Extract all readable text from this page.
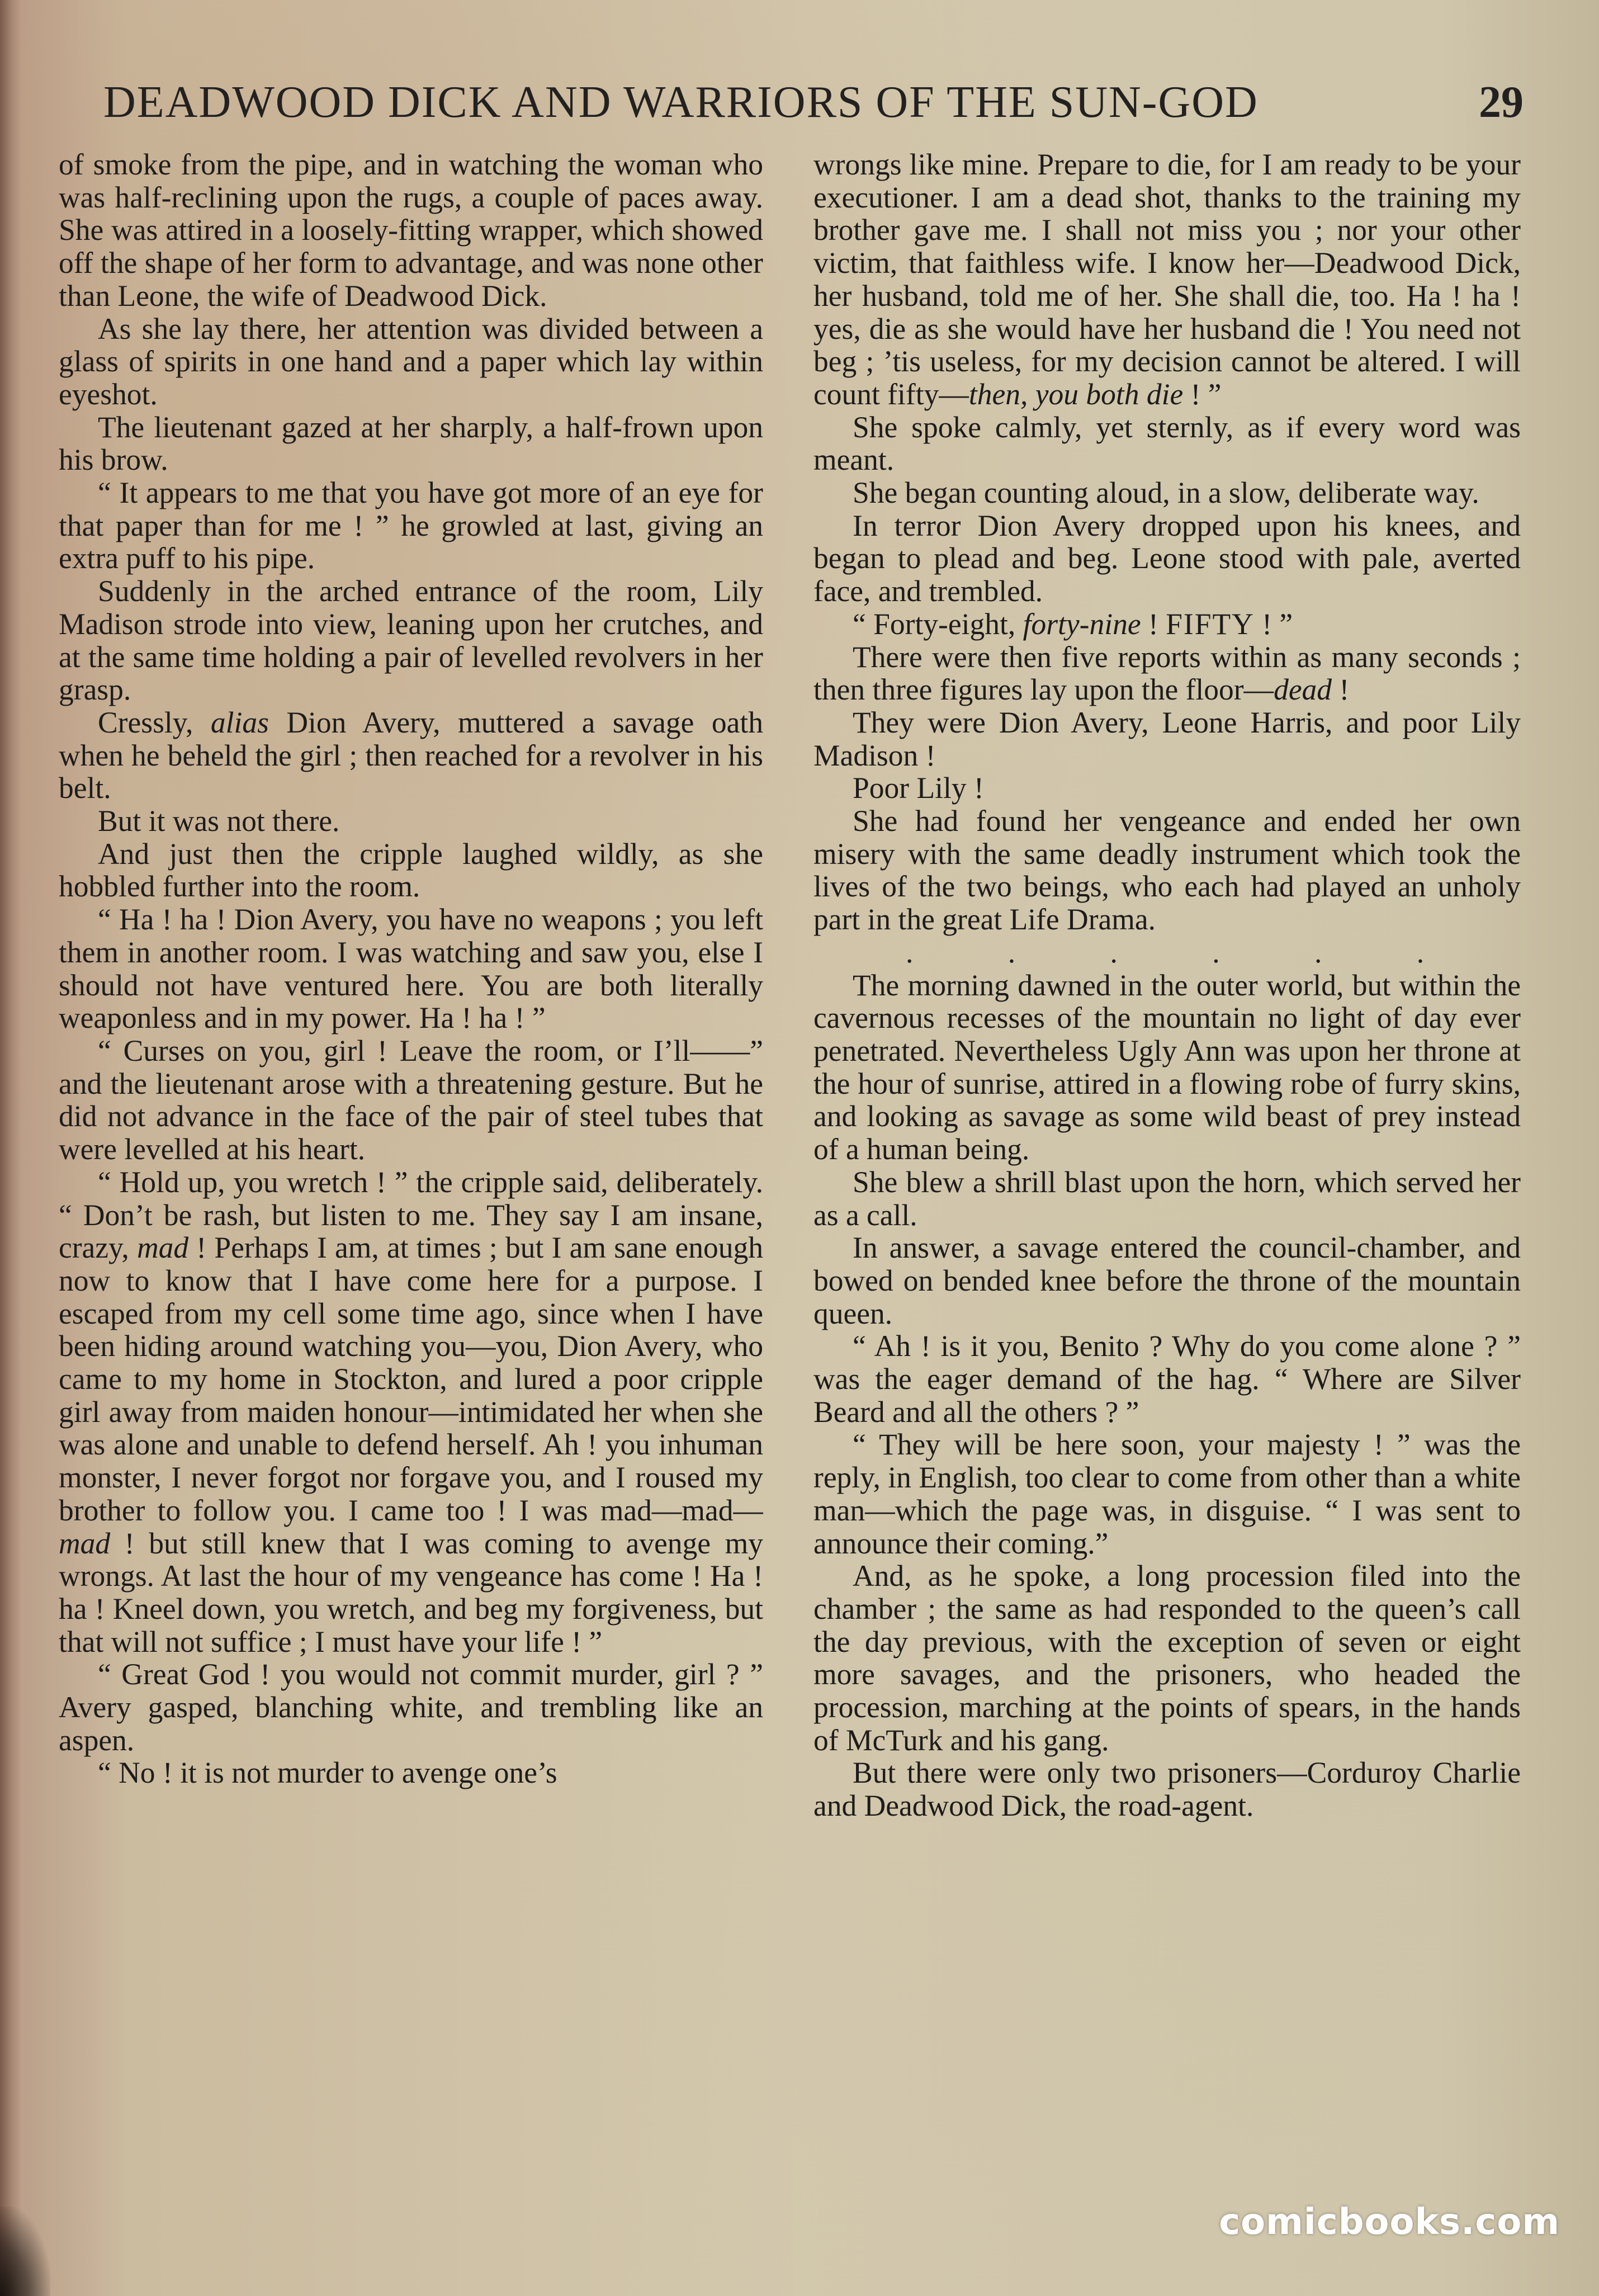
DEADWOOD DICK AND WARRIORS OF THE SUN-GOD	29

of smoke from the pipe, and in watching the woman who was half-reclining upon the rugs, a couple of paces away. She was attired in a loosely-fitting wrapper, which showed off the shape of her form to advantage, and was none other than Leone, the wife of Deadwood Dick.

As she lay there, her attention was divided between a glass of spirits in one hand and a paper which lay within eyeshot.

The lieutenant gazed at her sharply, a half-frown upon his brow.

“ It appears to me that you have got more of an eye for that paper than for me ! ” he growled at last, giving an extra puff to his pipe.

Suddenly in the arched entrance of the room, Lily Madison strode into view, leaning upon her crutches, and at the same time holding a pair of levelled revolvers in her grasp.

Cressly, alias Dion Avery, muttered a savage oath when he beheld the girl ; then reached for a revolver in his belt.

But it was not there.

And just then the cripple laughed wildly, as she hobbled further into the room.

“ Ha ! ha ! Dion Avery, you have no weapons ; you left them in another room. I was watching and saw you, else I should not have ventured here. You are both literally weaponless and in my power. Ha ! ha ! ”

“ Curses on you, girl ! Leave the room, or I’ll——” and the lieutenant arose with a threatening gesture. But he did not advance in the face of the pair of steel tubes that were levelled at his heart.

“ Hold up, you wretch ! ” the cripple said, deliberately. “ Don’t be rash, but listen to me. They say I am insane, crazy, mad ! Perhaps I am, at times ; but I am sane enough now to know that I have come here for a purpose. I escaped from my cell some time ago, since when I have been hiding around watching you—you, Dion Avery, who came to my home in Stockton, and lured a poor cripple girl away from maiden honour—intimidated her when she was alone and unable to defend herself. Ah ! you inhuman monster, I never forgot nor forgave you, and I roused my brother to follow you. I came too ! I was mad—mad—mad ! but still knew that I was coming to avenge my wrongs. At last the hour of my vengeance has come ! Ha ! ha ! Kneel down, you wretch, and beg my forgiveness, but that will not suffice ; I must have your life ! ”

“ Great God ! you would not commit murder, girl ? ” Avery gasped, blanching white, and trembling like an aspen.

“ No ! it is not murder to avenge one’s

wrongs like mine. Prepare to die, for I am ready to be your executioner. I am a dead shot, thanks to the training my brother gave me. I shall not miss you ; nor your other victim, that faithless wife. I know her—Deadwood Dick, her husband, told me of her. She shall die, too. Ha ! ha ! yes, die as she would have her husband die ! You need not beg ; ’tis useless, for my decision cannot be altered. I will count fifty—then, you both die ! ”

She spoke calmly, yet sternly, as if every word was meant.

She began counting aloud, in a slow, deliberate way.

In terror Dion Avery dropped upon his knees, and began to plead and beg. Leone stood with pale, averted face, and trembled.

“ Forty-eight, forty-nine ! FIFTY ! ”

There were then five reports within as many seconds ; then three figures lay upon the floor—dead !

They were Dion Avery, Leone Harris, and poor Lily Madison !

Poor Lily !

She had found her vengeance and ended her own misery with the same deadly instrument which took the lives of the two beings, who each had played an unholy part in the great Life Drama.

. . . . . .

The morning dawned in the outer world, but within the cavernous recesses of the mountain no light of day ever penetrated. Nevertheless Ugly Ann was upon her throne at the hour of sunrise, attired in a flowing robe of furry skins, and looking as savage as some wild beast of prey instead of a human being.

She blew a shrill blast upon the horn, which served her as a call.

In answer, a savage entered the council-chamber, and bowed on bended knee before the throne of the mountain queen.

“ Ah ! is it you, Benito ? Why do you come alone ? ” was the eager demand of the hag. “ Where are Silver Beard and all the others ? ”

“ They will be here soon, your majesty ! ” was the reply, in English, too clear to come from other than a white man—which the page was, in disguise. “ I was sent to announce their coming.”

And, as he spoke, a long procession filed into the chamber ; the same as had responded to the queen’s call the day previous, with the exception of seven or eight more savages, and the prisoners, who headed the procession, marching at the points of spears, in the hands of McTurk and his gang.

But there were only two prisoners—Corduroy Charlie and Deadwood Dick, the road-agent.

comicbooks.com
